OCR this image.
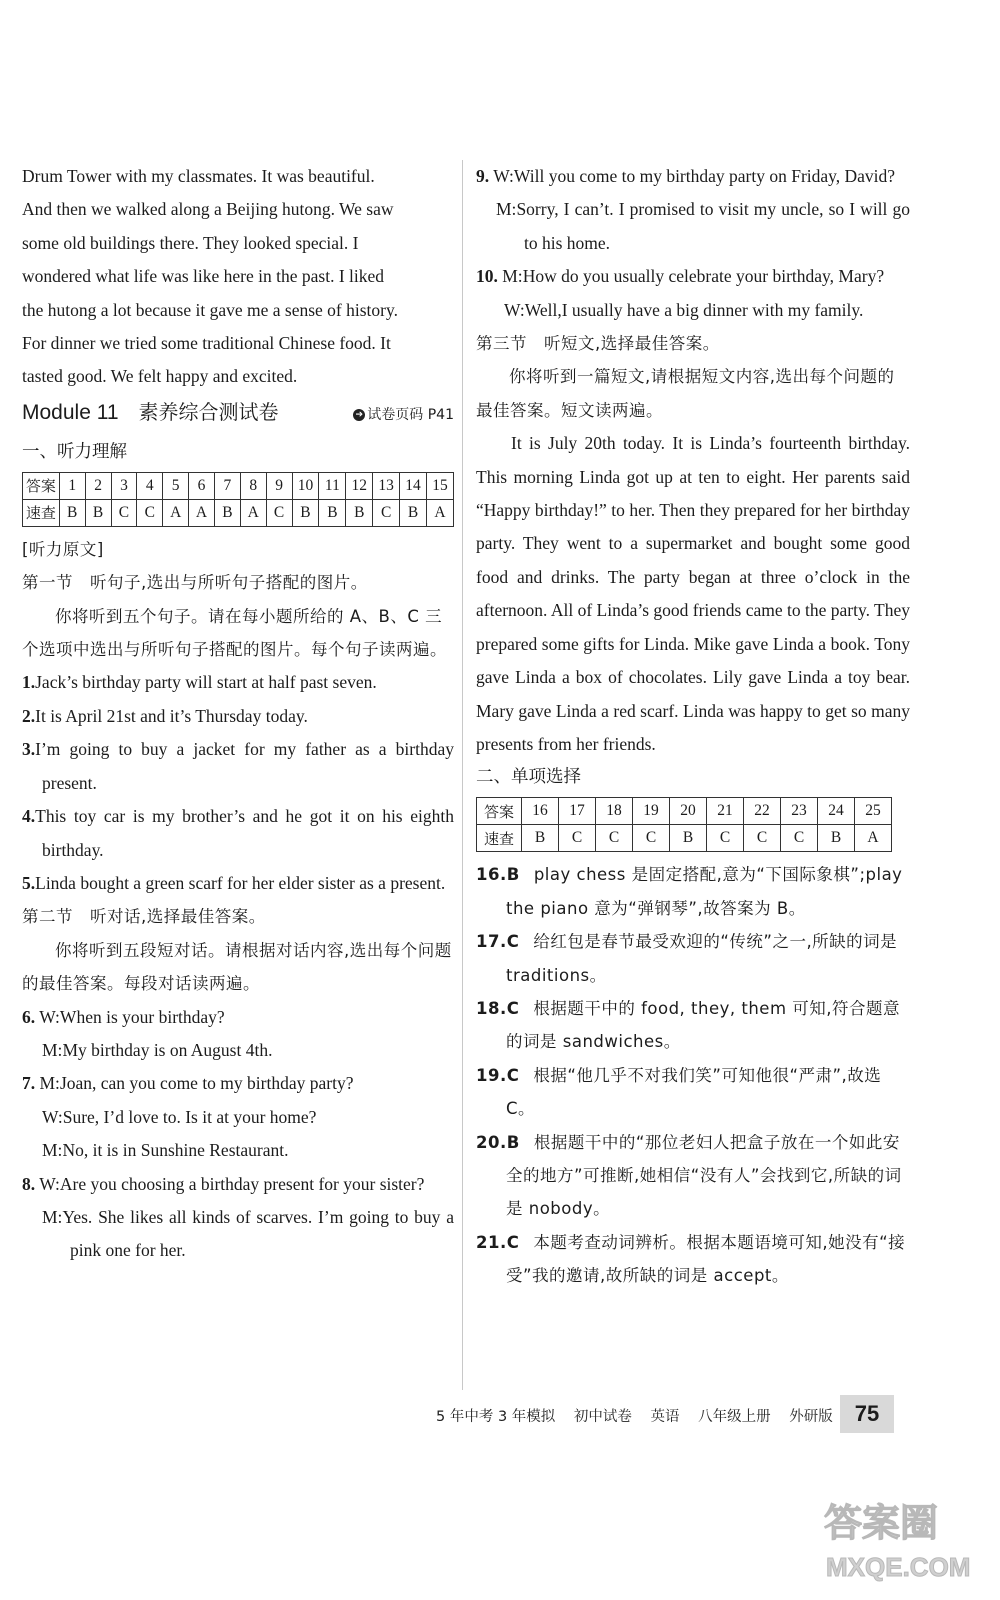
Drum Tower with my classmates. It was beautiful.

And then we walked along a Beijing hutong. We saw

some old buildings there. They looked special. I

wondered what life was like here in the past. I liked

the hutong a lot because it gave me a sense of history.

For dinner we tried some traditional Chinese food. It

tasted good. We felt happy and excited.

Module 11 素养综合测试卷	➔ 试卷页码 P41

一、听力理解

答案	1	2	3	4	5	6	7	8	9	10	11	12	13	14	15
速查	B	B	C	C	A	A	B	A	C	B	B	B	C	B	A

[听力原文]

第一节　听句子,选出与所听句子搭配的图片。

你将听到五个句子。请在每小题所给的 A、B、C 三个选项中选出与所听句子搭配的图片。每个句子读两遍。

1.Jack’s birthday party will start at half past seven.

2.It is April 21st and it’s Thursday today.

3.I’m going to buy a jacket for my father as a birthday present.

4.This toy car is my brother’s and he got it on his eighth birthday.

5.Linda bought a green scarf for her elder sister as a present.

第二节　听对话,选择最佳答案。

你将听到五段短对话。请根据对话内容,选出每个问题的最佳答案。每段对话读两遍。

6. W:When is your birthday?

M:My birthday is on August 4th.

7. M:Joan, can you come to my birthday party?

W:Sure, I’d love to. Is it at your home?

M:No, it is in Sunshine Restaurant.

8. W:Are you choosing a birthday present for your sister?

M:Yes. She likes all kinds of scarves. I’m going to buy a pink one for her.

9. W:Will you come to my birthday party on Friday, David?

M:Sorry, I can’t. I promised to visit my uncle, so I will go to his home.

10. M:How do you usually celebrate your birthday, Mary?

W:Well,I usually have a big dinner with my family.

第三节　听短文,选择最佳答案。

你将听到一篇短文,请根据短文内容,选出每个问题的最佳答案。短文读两遍。

It is July 20th today. It is Linda’s fourteenth birthday. This morning Linda got up at ten to eight. Her parents said “Happy birthday!” to her. Then they prepared for her birthday party. They went to a supermarket and bought some good food and drinks. The party began at three o’clock in the afternoon. All of Linda’s good friends came to the party. They prepared some gifts for Linda. Mike gave Linda a book. Tony gave Linda a box of chocolates. Lily gave Linda a toy bear. Mary gave Linda a red scarf. Linda was happy to get so many presents from her friends.

二、单项选择

答案	16	17	18	19	20	21	22	23	24	25
速查	B	C	C	C	B	C	C	C	B	A

16.B play chess 是固定搭配,意为“下国际象棋”;play the piano 意为“弹钢琴”,故答案为 B。

17.C 给红包是春节最受欢迎的“传统”之一,所缺的词是 traditions。

18.C 根据题干中的 food, they, them 可知,符合题意的词是 sandwiches。

19.C 根据“他几乎不对我们笑”可知他很“严肃”,故选 C。

20.B 根据题干中的“那位老妇人把盒子放在一个如此安全的地方”可推断,她相信“没有人”会找到它,所缺的词是 nobody。

21.C 本题考查动词辨析。根据本题语境可知,她没有“接受”我的邀请,故所缺的词是 accept。

5 年中考 3 年模拟 初中试卷 英语 八年级上册 外研版	75
答案圈
MXQE.COM
